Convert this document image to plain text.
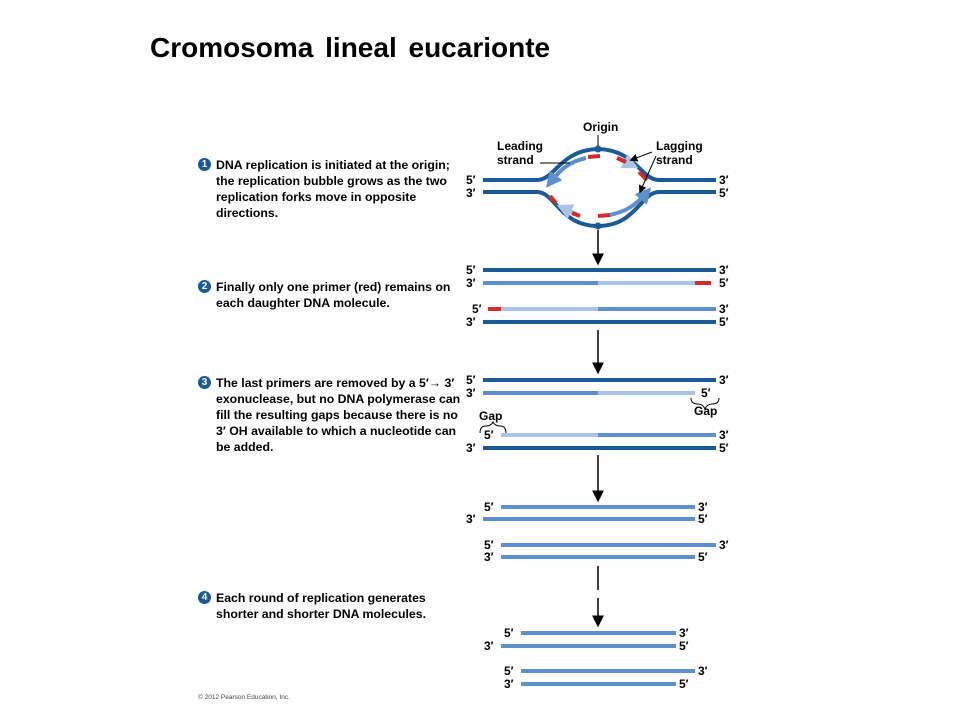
Cromosoma lineal eucarionte
1 DNA replication is initiated at the origin; the replication bubble grows as the two replication forks move in opposite directions.
2 Finally only one primer (red) remains on each daughter DNA molecule.
3 The last primers are removed by a 5′→ 3′ exonuclease, but no DNA polymerase can fill the resulting gaps because there is no 3′ OH available to which a nucleotide can be added.
4 Each round of replication generates shorter and shorter DNA molecules.
© 2012 Pearson Education, Inc.
Origin
Leading
strand
Lagging
strand
5′
3′
3′
5′
5′
3′
3′
5′
5′
3′
3′
5′
Gap
Gap
5′
3′
3′
5′
5′
3′
3′
5′
5′
3′
3′
5′
5′
3′
3′
5′
5′
3′
3′
5′
5′
3′
3′
5′
